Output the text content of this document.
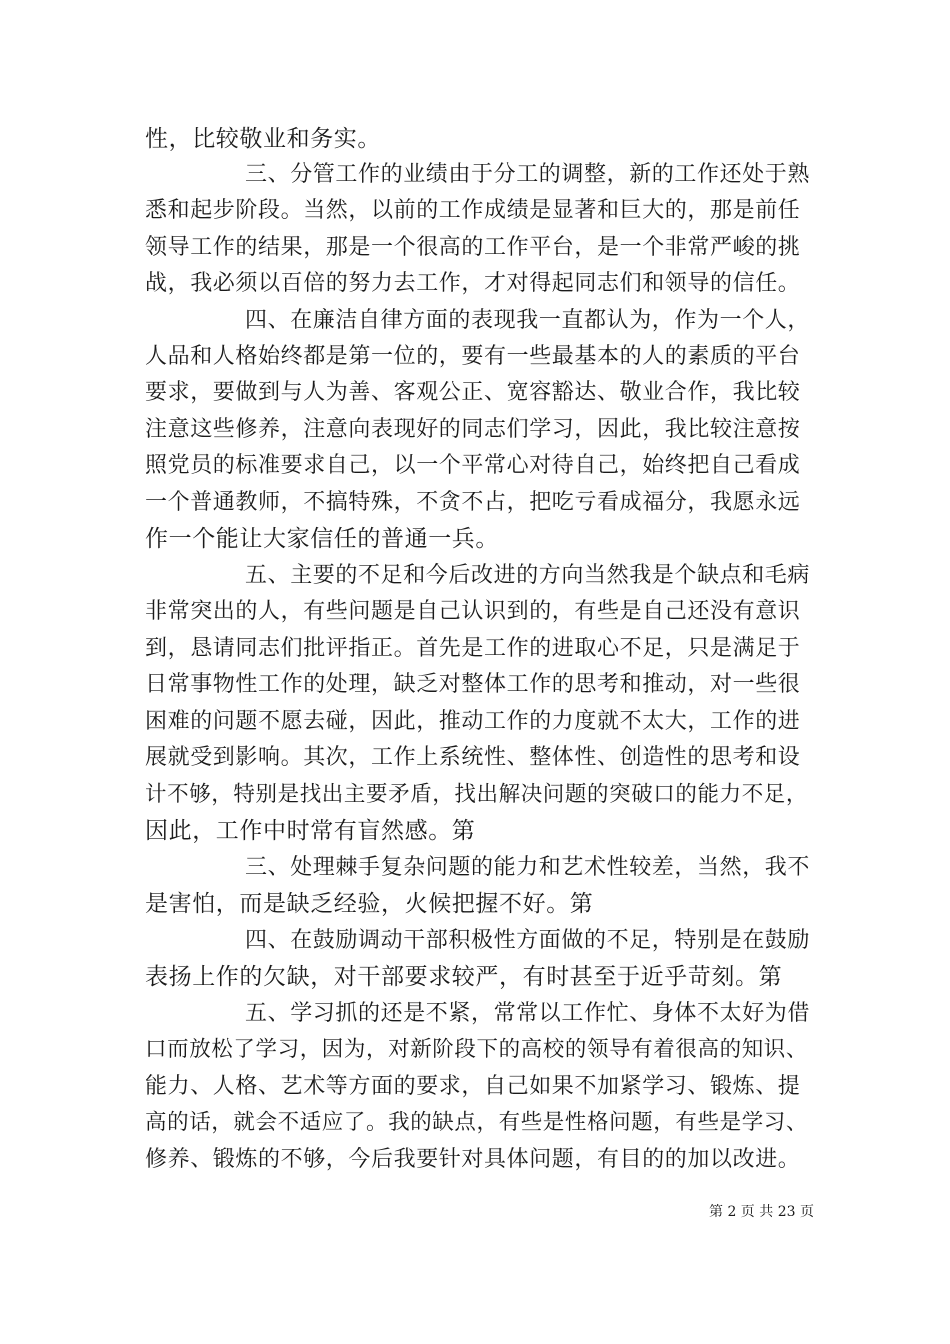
性，比较敬业和务实。
三、分管工作的业绩由于分工的调整，新的工作还处于熟
悉和起步阶段。当然，以前的工作成绩是显著和巨大的，那是前任
领导工作的结果，那是一个很高的工作平台，是一个非常严峻的挑
战，我必须以百倍的努力去工作，才对得起同志们和领导的信任。
四、在廉洁自律方面的表现我一直都认为，作为一个人，
人品和人格始终都是第一位的，要有一些最基本的人的素质的平台
要求，要做到与人为善、客观公正、宽容豁达、敬业合作，我比较
注意这些修养，注意向表现好的同志们学习，因此，我比较注意按
照党员的标准要求自己，以一个平常心对待自己，始终把自己看成
一个普通教师，不搞特殊，不贪不占，把吃亏看成福分，我愿永远
作一个能让大家信任的普通一兵。
五、主要的不足和今后改进的方向当然我是个缺点和毛病
非常突出的人，有些问题是自己认识到的，有些是自己还没有意识
到，恳请同志们批评指正。首先是工作的进取心不足，只是满足于
日常事物性工作的处理，缺乏对整体工作的思考和推动，对一些很
困难的问题不愿去碰，因此，推动工作的力度就不太大，工作的进
展就受到影响。其次，工作上系统性、整体性、创造性的思考和设
计不够，特别是找出主要矛盾，找出解决问题的突破口的能力不足，
因此，工作中时常有盲然感。第
三、处理棘手复杂问题的能力和艺术性较差，当然，我不
是害怕，而是缺乏经验，火候把握不好。第
四、在鼓励调动干部积极性方面做的不足，特别是在鼓励
表扬上作的欠缺，对干部要求较严，有时甚至于近乎苛刻。第
五、学习抓的还是不紧，常常以工作忙、身体不太好为借
口而放松了学习，因为，对新阶段下的高校的领导有着很高的知识、
能力、人格、艺术等方面的要求，自己如果不加紧学习、锻炼、提
高的话，就会不适应了。我的缺点，有些是性格问题，有些是学习、
修养、锻炼的不够，今后我要针对具体问题，有目的的加以改进。
第 2 页 共 23 页
